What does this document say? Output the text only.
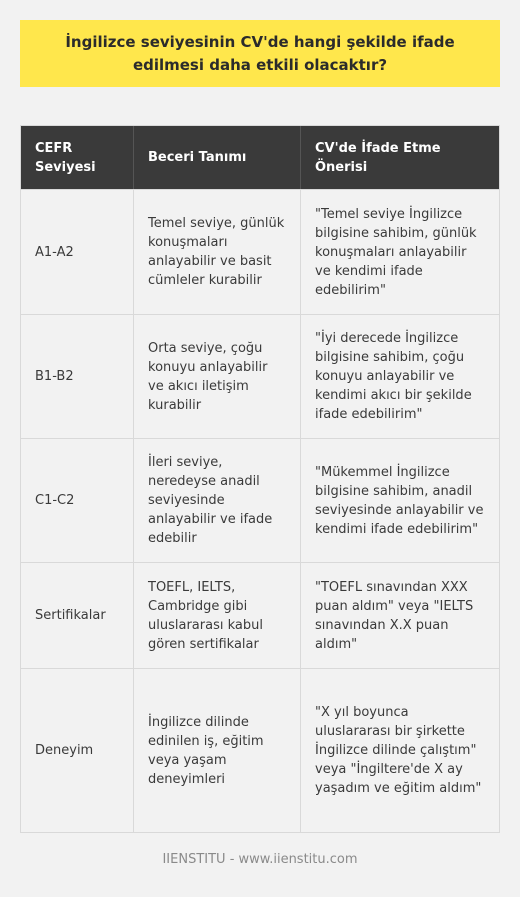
İngilizce seviyesinin CV'de hangi şekilde ifade edilmesi daha etkili olacaktır?
CEFR Seviyesi
Beceri Tanımı
CV'de İfade Etme Önerisi
A1-A2
Temel seviye, günlük konuşmaları anlayabilir ve basit cümleler kurabilir
"Temel seviye İngilizce bilgisine sahibim, günlük konuşmaları anlayabilir ve kendimi ifade edebilirim"
B1-B2
Orta seviye, çoğu konuyu anlayabilir ve akıcı iletişim kurabilir
"İyi derecede İngilizce bilgisine sahibim, çoğu konuyu anlayabilir ve kendimi akıcı bir şekilde ifade edebilirim"
C1-C2
İleri seviye, neredeyse anadil seviyesinde anlayabilir ve ifade edebilir
"Mükemmel İngilizce bilgisine sahibim, anadil seviyesinde anlayabilir ve kendimi ifade edebilirim"
Sertifikalar
TOEFL, IELTS, Cambridge gibi uluslararası kabul gören sertifikalar
"TOEFL sınavından XXX puan aldım" veya "IELTS sınavından X.X puan aldım"
Deneyim
İngilizce dilinde edinilen iş, eğitim veya yaşam deneyimleri
"X yıl boyunca uluslararası bir şirkette İngilizce dilinde çalıştım" veya "İngiltere'de X ay yaşadım ve eğitim aldım"
IIENSTITU - www.iienstitu.com
